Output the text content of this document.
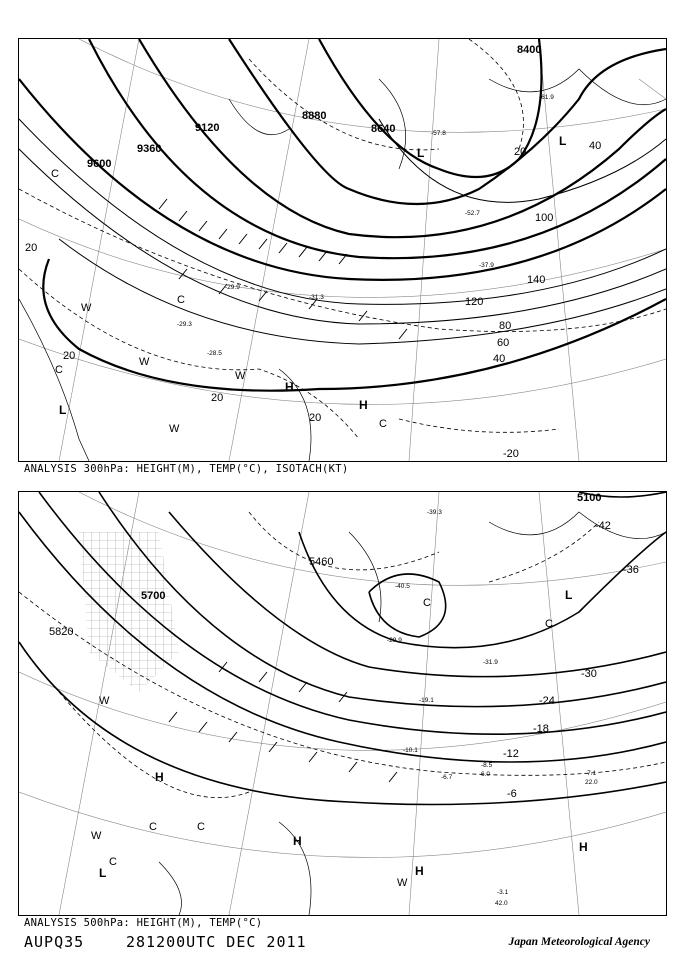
9600
9360
9120
8880
8640
8400
20
20
20
20
20
40
40
60
80
100
120
140
L
L
L
H
H
C
C
C
C
W
W
W
W
-29.3
-29.9
-28.5
-31.3
-37.9
-52.7
-61.9
-57.8
-20
ANALYSIS 300hPa: HEIGHT(M), TEMP(°C), ISOTACH(KT)
5820
5700
5460
5100
-42
-36
-30
-24
-18
-12
-6
L
L
H
H
H
H
C
C
C	C
C
W
W
W
-39.3
-40.5
-31.9
-29.9
-19.1
-10.1
-8.5
-7.1
-6.7
-3.1
42.0
22.0
6.0
ANALYSIS 500hPa: HEIGHT(M), TEMP(°C)
AUPQ35	281200UTC DEC 2011	Japan Meteorological Agency
